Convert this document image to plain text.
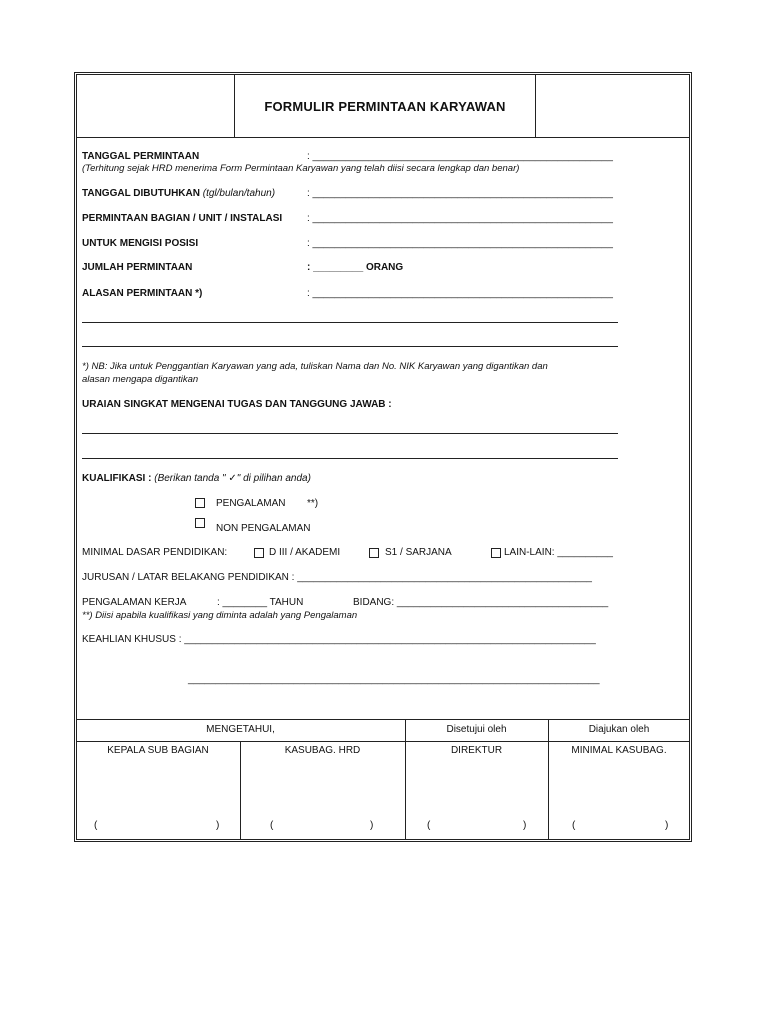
FORMULIR PERMINTAAN KARYAWAN
TANGGAL PERMINTAAN	: ______________________________________________________
(Terhitung sejak HRD menerima Form Permintaan Karyawan yang telah diisi secara lengkap dan benar)
TANGGAL DIBUTUHKAN (tgl/bulan/tahun)	: ______________________________________________________
PERMINTAAN BAGIAN / UNIT / INSTALASI : ______________________________________________________
UNTUK MENGISI POSISI	: ______________________________________________________
JUMLAH PERMINTAAN	: _________ ORANG
ALASAN PERMINTAAN *)	: ______________________________________________________
*) NB: Jika untuk Penggantian Karyawan yang ada, tuliskan Nama dan No. NIK Karyawan yang digantikan dan
alasan mengapa digantikan
URAIAN SINGKAT MENGENAI TUGAS DAN TANGGUNG JAWAB :
KUALIFIKASI : (Berikan tanda " ✓" di pilihan anda)
PENGALAMAN **)
NON PENGALAMAN
MINIMAL DASAR PENDIDIKAN:	D III / AKADEMI	S1 / SARJANA	LAIN-LAIN: __________
JURUSAN / LATAR BELAKANG PENDIDIKAN : _____________________________________________________
PENGALAMAN KERJA	: ________ TAHUN	BIDANG: ______________________________________
**) Diisi apabila kualifikasi yang diminta adalah yang Pengalaman
KEAHLIAN KHUSUS : __________________________________________________________________________
__________________________________________________________________________
MENGETAHUI,	Disetujui oleh	Diajukan oleh
KEPALA SUB BAGIAN	KASUBAG. HRD	DIREKTUR	MINIMAL KASUBAG.
(	)	(	)	(	)	(	)
